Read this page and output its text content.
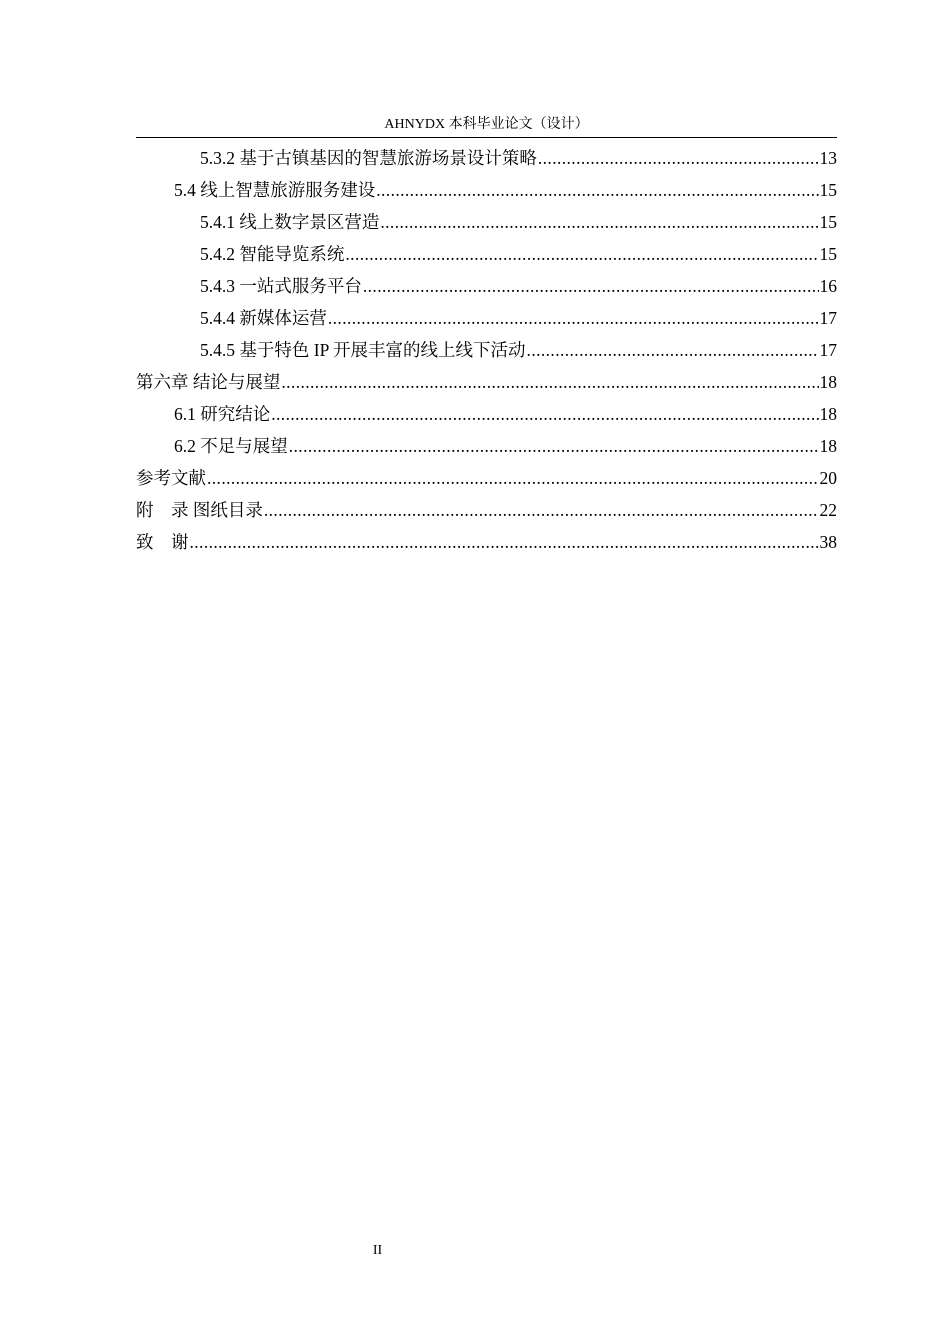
AHNYDX 本科毕业论文（设计）
5.3.2 基于古镇基因的智慧旅游场景设计策略 .....	13
5.4 线上智慧旅游服务建设 .....	15
5.4.1 线上数字景区营造 .....	15
5.4.2 智能导览系统 .....	15
5.4.3 一站式服务平台 .....	16
5.4.4 新媒体运营 .....	17
5.4.5 基于特色 IP 开展丰富的线上线下活动 .....	17
第六章 结论与展望 .....	18
6.1 研究结论 .....	18
6.2 不足与展望 .....	18
参考文献 .....	20
附　录 图纸目录 .....	22
致　谢 .....	38
II
